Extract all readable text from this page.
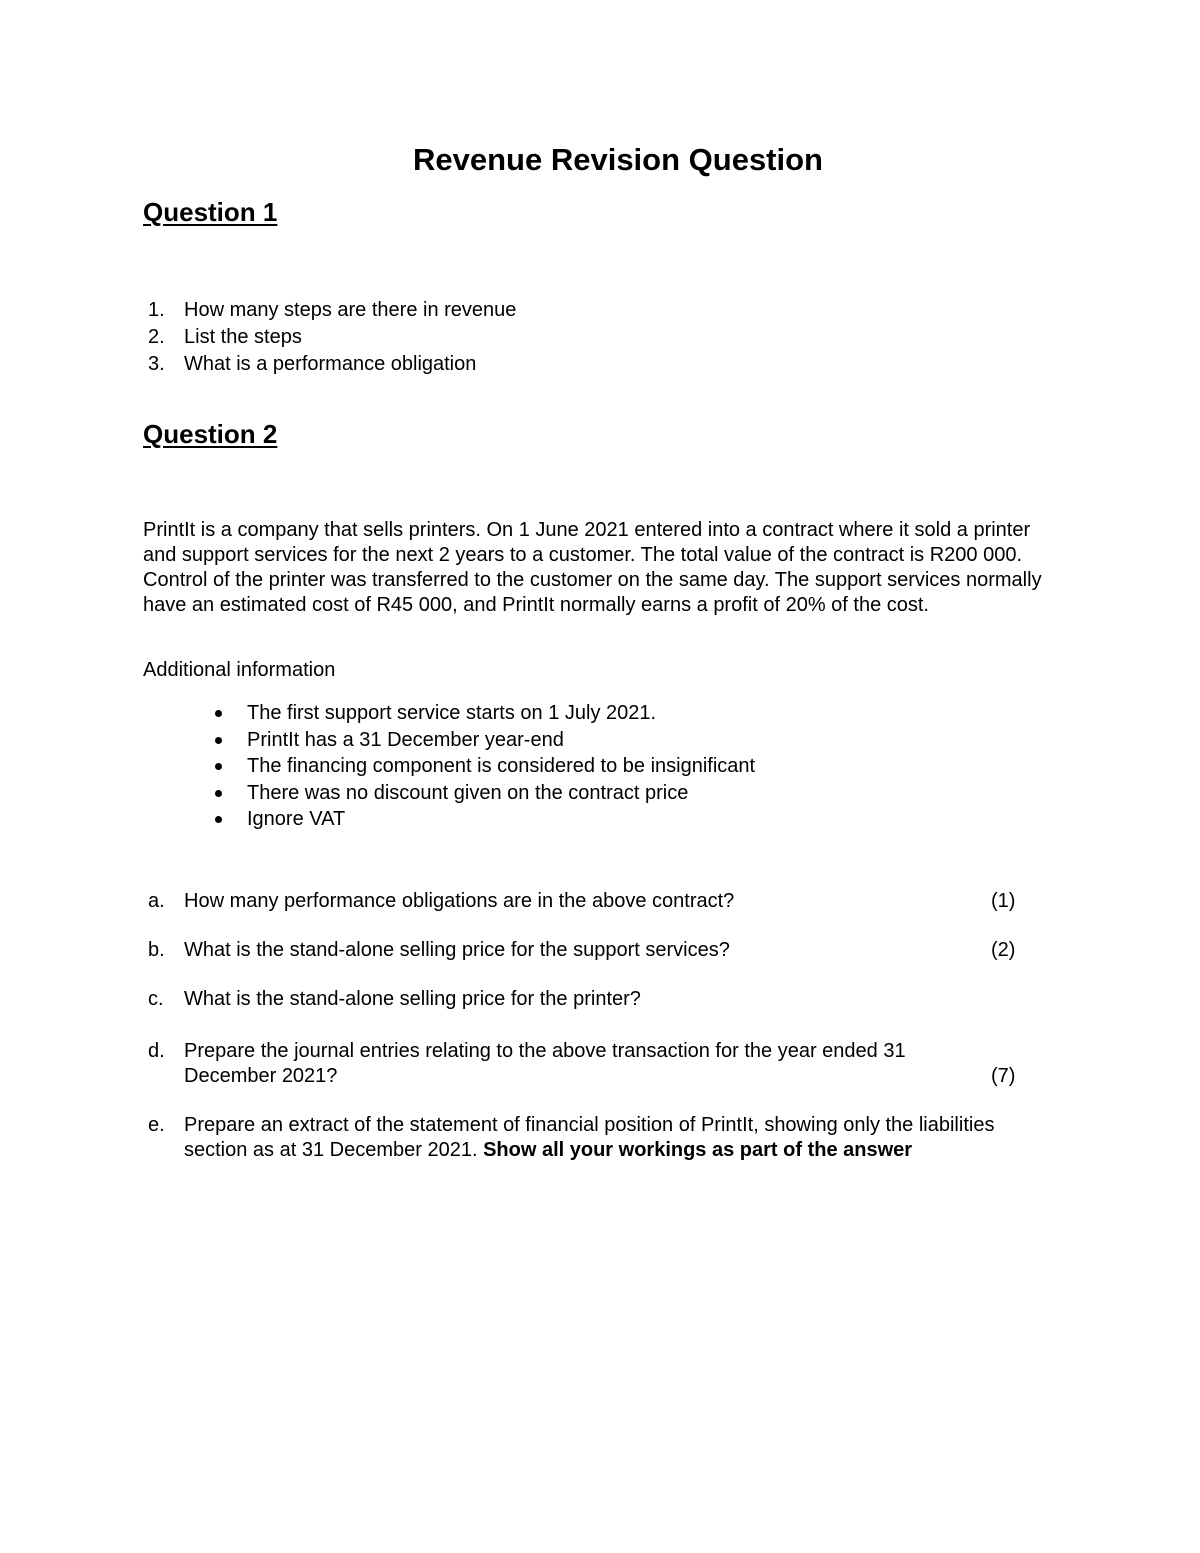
Revenue Revision Question
Question 1
1. How many steps are there in revenue
2. List the steps
3. What is a performance obligation
Question 2

PrintIt is a company that sells printers. On 1 June 2021 entered into a contract where it sold a printer and support services for the next 2 years to a customer. The total value of the contract is R200 000. Control of the printer was transferred to the customer on the same day. The support services normally have an estimated cost of R45 000, and PrintIt normally earns a profit of 20% of the cost.

Additional information

The first support service starts on 1 July 2021.
PrintIt has a 31 December year-end
The financing component is considered to be insignificant
There was no discount given on the contract price
Ignore VAT
a. How many performance obligations are in the above contract?	(1)
b. What is the stand-alone selling price for the support services?	(2)
c. What is the stand-alone selling price for the printer?
d. Prepare the journal entries relating to the above transaction for the year ended 31 December 2021?	(7)
e. Prepare an extract of the statement of financial position of PrintIt, showing only the liabilities section as at 31 December 2021. Show all your workings as part of the answer
